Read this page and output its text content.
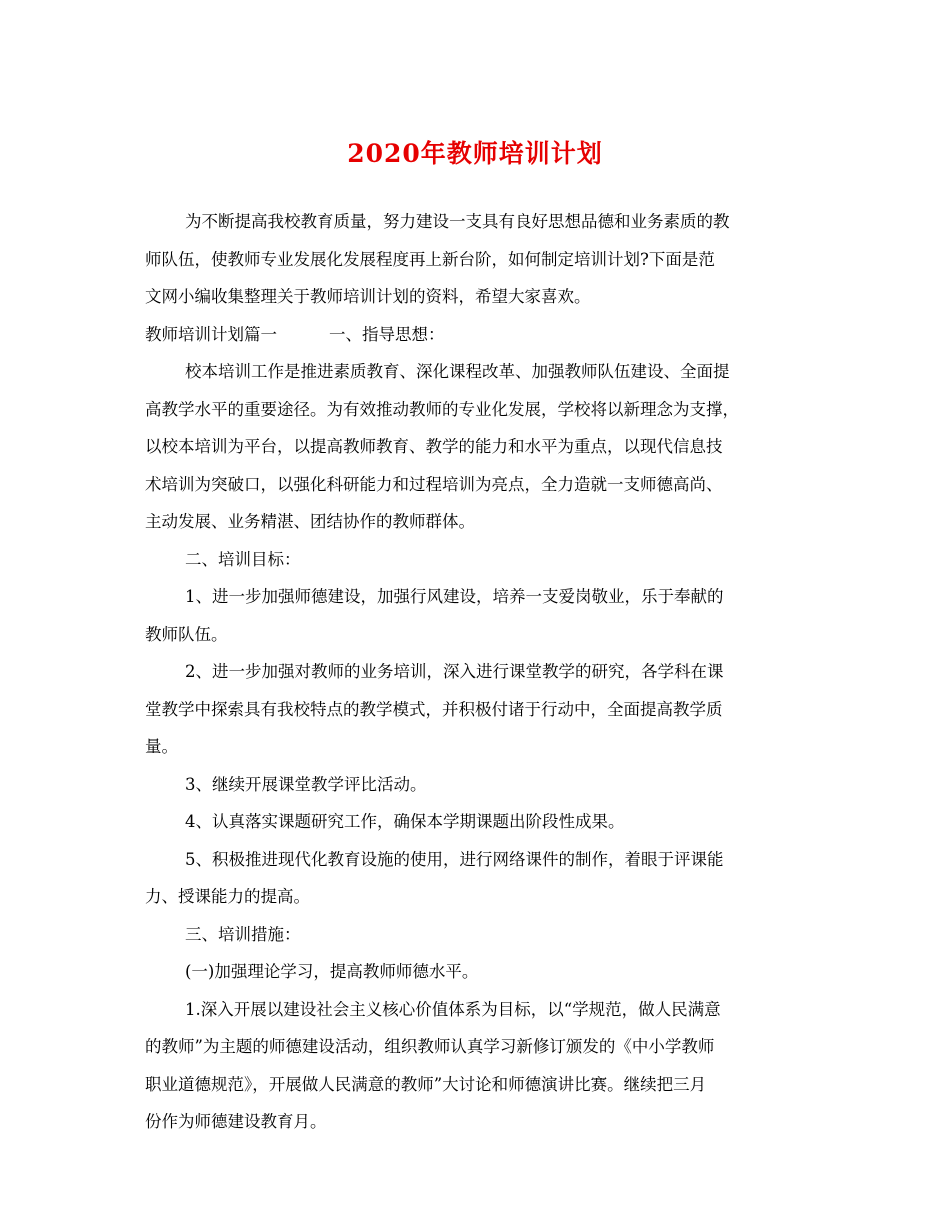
2020年教师培训计划
为不断提高我校教育质量，努力建设一支具有良好思想品德和业务素质的教
师队伍，使教师专业发展化发展程度再上新台阶，如何制定培训计划?下面是范
文网小编收集整理关于教师培训计划的资料，希望大家喜欢。
教师培训计划篇一	一、指导思想：
校本培训工作是推进素质教育、深化课程改革、加强教师队伍建设、全面提
高教学水平的重要途径。为有效推动教师的专业化发展，学校将以新理念为支撑，
以校本培训为平台，以提高教师教育、教学的能力和水平为重点，以现代信息技
术培训为突破口，以强化科研能力和过程培训为亮点，全力造就一支师德高尚、
主动发展、业务精湛、团结协作的教师群体。
二、培训目标：
1、进一步加强师德建设，加强行风建设，培养一支爱岗敬业，乐于奉献的
教师队伍。
2、进一步加强对教师的业务培训，深入进行课堂教学的研究，各学科在课
堂教学中探索具有我校特点的教学模式，并积极付诸于行动中，全面提高教学质
量。
3、继续开展课堂教学评比活动。
4、认真落实课题研究工作，确保本学期课题出阶段性成果。
5、积极推进现代化教育设施的使用，进行网络课件的制作，着眼于评课能
力、授课能力的提高。
三、培训措施：
(一)加强理论学习，提高教师师德水平。
1.深入开展以建设社会主义核心价值体系为目标，以“学规范，做人民满意
的教师”为主题的师德建设活动，组织教师认真学习新修订颁发的《中小学教师
职业道德规范》，开展做人民满意的教师”大讨论和师德演讲比赛。继续把三月
份作为师德建设教育月。
